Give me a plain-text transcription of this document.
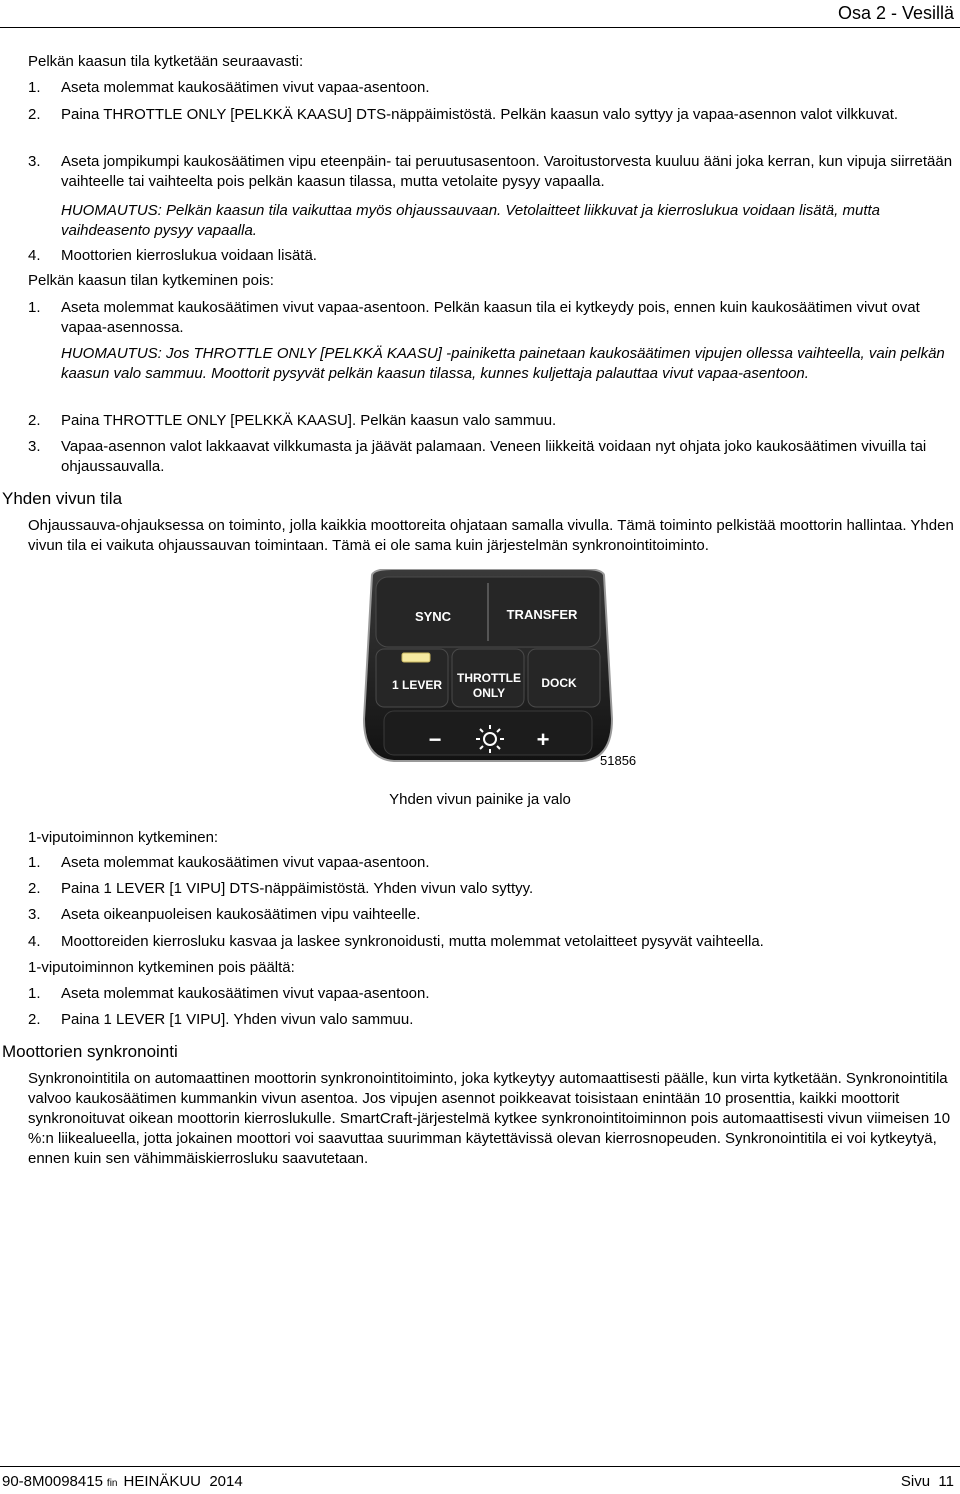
Osa 2 - Vesillä
Pelkän kaasun tila kytketään seuraavasti:
1.	Aseta molemmat kaukosäätimen vivut vapaa-asentoon.
2.	Paina THROTTLE ONLY [PELKKÄ KAASU] DTS-näppäimistöstä. Pelkän kaasun valo syttyy ja vapaa-asennon valot vilkkuvat.
3.	Aseta jompikumpi kaukosäätimen vipu eteenpäin- tai peruutusasentoon. Varoitustorvesta kuuluu ääni joka kerran, kun vipuja siirretään vaihteelle tai vaihteelta pois pelkän kaasun tilassa, mutta vetolaite pysyy vapaalla.
HUOMAUTUS: Pelkän kaasun tila vaikuttaa myös ohjaussauvaan. Vetolaitteet liikkuvat ja kierroslukua voidaan lisätä, mutta vaihdeasento pysyy vapaalla.
4.	Moottorien kierroslukua voidaan lisätä.
Pelkän kaasun tilan kytkeminen pois:
1.	Aseta molemmat kaukosäätimen vivut vapaa-asentoon. Pelkän kaasun tila ei kytkeydy pois, ennen kuin kaukosäätimen vivut ovat vapaa-asennossa.
HUOMAUTUS: Jos THROTTLE ONLY [PELKKÄ KAASU] -painiketta painetaan kaukosäätimen vipujen ollessa vaihteella, vain pelkän kaasun valo sammuu. Moottorit pysyvät pelkän kaasun tilassa, kunnes kuljettaja palauttaa vivut vapaa-asentoon.
2.	Paina THROTTLE ONLY [PELKKÄ KAASU]. Pelkän kaasun valo sammuu.
3.	Vapaa-asennon valot lakkaavat vilkkumasta ja jäävät palamaan. Veneen liikkeitä voidaan nyt ohjata joko kaukosäätimen vivuilla tai ohjaussauvalla.
Yhden vivun tila
Ohjaussauva-ohjauksessa on toiminto, jolla kaikkia moottoreita ohjataan samalla vivulla. Tämä toiminto pelkistää moottorin hallintaa. Yhden vivun tila ei vaikuta ohjaussauvan toimintaan. Tämä ei ole sama kuin järjestelmän synkronointitoiminto.
SYNC	TRANSFER
1 LEVER THROTTLE
ONLY
DOCK
−	+
51856
Yhden vivun painike ja valo
1-viputoiminnon kytkeminen:
1.	Aseta molemmat kaukosäätimen vivut vapaa-asentoon.
2.	Paina 1 LEVER [1 VIPU] DTS-näppäimistöstä. Yhden vivun valo syttyy.
3.	Aseta oikeanpuoleisen kaukosäätimen vipu vaihteelle.
4.	Moottoreiden kierrosluku kasvaa ja laskee synkronoidusti, mutta molemmat vetolaitteet pysyvät vaihteella.
1-viputoiminnon kytkeminen pois päältä:
1.	Aseta molemmat kaukosäätimen vivut vapaa-asentoon.
2.	Paina 1 LEVER [1 VIPU]. Yhden vivun valo sammuu.
Moottorien synkronointi
Synkronointitila on automaattinen moottorin synkronointitoiminto, joka kytkeytyy automaattisesti päälle, kun virta kytketään. Synkronointitila valvoo kaukosäätimen kummankin vivun asentoa. Jos vipujen asennot poikkeavat toisistaan enintään 10 prosenttia, kaikki moottorit synkronoituvat oikean moottorin kierroslukulle. SmartCraft-järjestelmä kytkee synkronointitoiminnon pois automaattisesti vivun viimeisen 10 %:n liikealueella, jotta jokainen moottori voi saavuttaa suurimman käytettävissä olevan kierrosnopeuden. Synkronointitila ei voi kytkeytyä, ennen kuin sen vähimmäiskierrosluku saavutetaan.
90-8M0098415 fin HEINÄKUU  2014	Sivu  11
